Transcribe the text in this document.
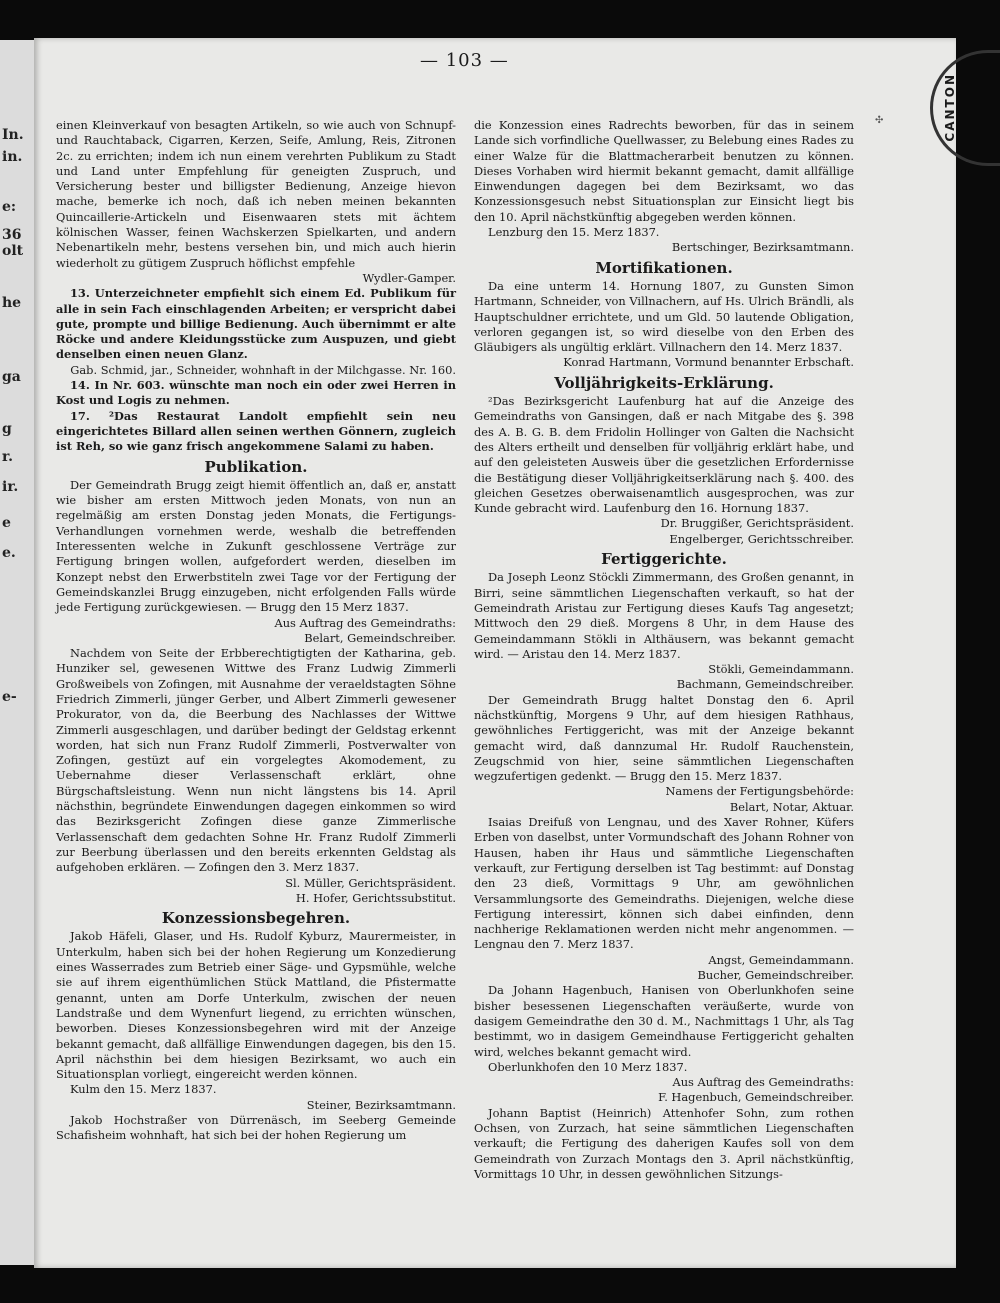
In.
in.
e:
36
olt
he
ga
g
r.
ir.
e
e.
e-
— 103 —
CANTON
✣

einen Kleinverkauf von besagten Artikeln, so wie auch von Schnupf- und Rauchtaback, Cigarren, Kerzen, Seife, Amlung, Reis, Zitronen 2c. zu errichten; indem ich nun einem verehrten Publikum zu Stadt und Land unter Empfehlung für geneigten Zuspruch, und Versicherung bester und billigster Bedienung, Anzeige hievon mache, bemerke ich noch, daß ich neben meinen bekannten Quincaillerie-Artickeln und Eisenwaaren stets mit ächtem kölnischen Wasser, feinen Wachskerzen Spielkarten, und andern Nebenartikeln mehr, bestens versehen bin, und mich auch hierin wiederholt zu gütigem Zuspruch höflichst empfehle

Wydler-Gamper.

13. Unterzeichneter empfiehlt sich einem Ed. Publikum für alle in sein Fach einschlagenden Arbeiten; er verspricht dabei gute, prompte und billige Bedienung. Auch übernimmt er alte Röcke und andere Kleidungsstücke zum Auspuzen, und giebt denselben einen neuen Glanz.

Gab. Schmid, jar., Schneider, wohnhaft in der Milchgasse. Nr. 160.

14. In Nr. 603. wünschte man noch ein oder zwei Herren in Kost und Logis zu nehmen.

17. ²Das Restaurat Landolt empfiehlt sein neu eingerichtetes Billard allen seinen werthen Gönnern, zugleich ist Reh, so wie ganz frisch angekommene Salami zu haben.

Publikation.

Der Gemeindrath Brugg zeigt hiemit öffentlich an, daß er, anstatt wie bisher am ersten Mittwoch jeden Monats, von nun an regelmäßig am ersten Donstag jeden Monats, die Fertigungs-Verhandlungen vornehmen werde, weshalb die betreffenden Interessenten welche in Zukunft geschlossene Verträge zur Fertigung bringen wollen, aufgefordert werden, dieselben im Konzept nebst den Erwerbstiteln zwei Tage vor der Fertigung der Gemeindskanzlei Brugg einzugeben, nicht erfolgenden Falls würde jede Fertigung zurückgewiesen. — Brugg den 15 Merz 1837.

Aus Auftrag des Gemeindraths:

Belart, Gemeindschreiber.

Nachdem von Seite der Erbberechtigtigten der Katharina, geb. Hunziker sel, gewesenen Wittwe des Franz Ludwig Zimmerli Großweibels von Zofingen, mit Ausnahme der veraeldstagten Söhne Friedrich Zimmerli, jünger Gerber, und Albert Zimmerli gewesener Prokurator, von da, die Beerbung des Nachlasses der Wittwe Zimmerli ausgeschlagen, und darüber bedingt der Geldstag erkennt worden, hat sich nun Franz Rudolf Zimmerli, Postverwalter von Zofingen, gestüzt auf ein vorgelegtes Akomodement, zu Uebernahme dieser Verlassenschaft erklärt, ohne Bürgschaftsleistung. Wenn nun nicht längstens bis 14. April nächsthin, begründete Einwendungen dagegen einkommen so wird das Bezirksgericht Zofingen diese ganze Zimmerlische Verlassenschaft dem gedachten Sohne Hr. Franz Rudolf Zimmerli zur Beerbung überlassen und den bereits erkennten Geldstag als aufgehoben erklären. — Zofingen den 3. Merz 1837.

Sl. Müller, Gerichtspräsident.

H. Hofer, Gerichtssubstitut.

Konzessionsbegehren.

Jakob Häfeli, Glaser, und Hs. Rudolf Kyburz, Maurermeister, in Unterkulm, haben sich bei der hohen Regierung um Konzedierung eines Wasserrades zum Betrieb einer Säge- und Gypsmühle, welche sie auf ihrem eigenthümlichen Stück Mattland, die Pfistermatte genannt, unten am Dorfe Unterkulm, zwischen der neuen Landstraße und dem Wynenfurt liegend, zu errichten wünschen, beworben. Dieses Konzessionsbegehren wird mit der Anzeige bekannt gemacht, daß allfällige Einwendungen dagegen, bis den 15. April nächsthin bei dem hiesigen Bezirksamt, wo auch ein Situationsplan vorliegt, eingereicht werden können.

Kulm den 15. Merz 1837.

Steiner, Bezirksamtmann.

Jakob Hochstraßer von Dürrenäsch, im Seeberg Gemeinde Schafisheim wohnhaft, hat sich bei der hohen Regierung um

die Konzession eines Radrechts beworben, für das in seinem Lande sich vorfindliche Quellwasser, zu Belebung eines Rades zu einer Walze für die Blattmacherarbeit benutzen zu können. Dieses Vorhaben wird hiermit bekannt gemacht, damit allfällige Einwendungen dagegen bei dem Bezirksamt, wo das Konzessionsgesuch nebst Situationsplan zur Einsicht liegt bis den 10. April nächstkünftig abgegeben werden können.

Lenzburg den 15. Merz 1837.

Bertschinger, Bezirksamtmann.

Mortifikationen.

Da eine unterm 14. Hornung 1807, zu Gunsten Simon Hartmann, Schneider, von Villnachern, auf Hs. Ulrich Brändli, als Hauptschuldner errichtete, und um Gld. 50 lautende Obligation, verloren gegangen ist, so wird dieselbe von den Erben des Gläubigers als ungültig erklärt. Villnachern den 14. Merz 1837.

Konrad Hartmann, Vormund benannter Erbschaft.

Volljährigkeits-Erklärung.

²Das Bezirksgericht Laufenburg hat auf die Anzeige des Gemeindraths von Gansingen, daß er nach Mitgabe des §. 398 des A. B. G. B. dem Fridolin Hollinger von Galten die Nachsicht des Alters ertheilt und denselben für volljährig erklärt habe, und auf den geleisteten Ausweis über die gesetzlichen Erfordernisse die Bestätigung dieser Volljährigkeitserklärung nach §. 400. des gleichen Gesetzes oberwaisenamtlich ausgesprochen, was zur Kunde gebracht wird. Laufenburg den 16. Hornung 1837.

Dr. Bruggißer, Gerichtspräsident.

Engelberger, Gerichtsschreiber.

Fertiggerichte.

Da Joseph Leonz Stöckli Zimmermann, des Großen genannt, in Birri, seine sämmtlichen Liegenschaften verkauft, so hat der Gemeindrath Aristau zur Fertigung dieses Kaufs Tag angesetzt; Mittwoch den 29 dieß. Morgens 8 Uhr, in dem Hause des Gemeindammann Stökli in Althäusern, was bekannt gemacht wird. — Aristau den 14. Merz 1837.

Stökli, Gemeindammann.

Bachmann, Gemeindschreiber.

Der Gemeindrath Brugg haltet Donstag den 6. April nächstkünftig, Morgens 9 Uhr, auf dem hiesigen Rathhaus, gewöhnliches Fertiggericht, was mit der Anzeige bekannt gemacht wird, daß dannzumal Hr. Rudolf Rauchenstein, Zeugschmid von hier, seine sämmtlichen Liegenschaften wegzufertigen gedenkt. — Brugg den 15. Merz 1837.

Namens der Fertigungsbehörde:

Belart, Notar, Aktuar.

Isaias Dreifuß von Lengnau, und des Xaver Rohner, Küfers Erben von daselbst, unter Vormundschaft des Johann Rohner von Hausen, haben ihr Haus und sämmtliche Liegenschaften verkauft, zur Fertigung derselben ist Tag bestimmt: auf Donstag den 23 dieß, Vormittags 9 Uhr, am gewöhnlichen Versammlungsorte des Gemeindraths. Diejenigen, welche diese Fertigung interessirt, können sich dabei einfinden, denn nachherige Reklamationen werden nicht mehr angenommen. — Lengnau den 7. Merz 1837.

Angst, Gemeindammann.

Bucher, Gemeindschreiber.

Da Johann Hagenbuch, Hanisen von Oberlunkhofen seine bisher besessenen Liegenschaften veräußerte, wurde von dasigem Gemeindrathe den 30 d. M., Nachmittags 1 Uhr, als Tag bestimmt, wo in dasigem Gemeindhause Fertiggericht gehalten wird, welches bekannt gemacht wird.

Oberlunkhofen den 10 Merz 1837.

Aus Auftrag des Gemeindraths:

F. Hagenbuch, Gemeindschreiber.

Johann Baptist (Heinrich) Attenhofer Sohn, zum rothen Ochsen, von Zurzach, hat seine sämmtlichen Liegenschaften verkauft; die Fertigung des daherigen Kaufes soll von dem Gemeindrath von Zurzach Montags den 3. April nächstkünftig, Vormittags 10 Uhr, in dessen gewöhnlichen Sitzungs-
